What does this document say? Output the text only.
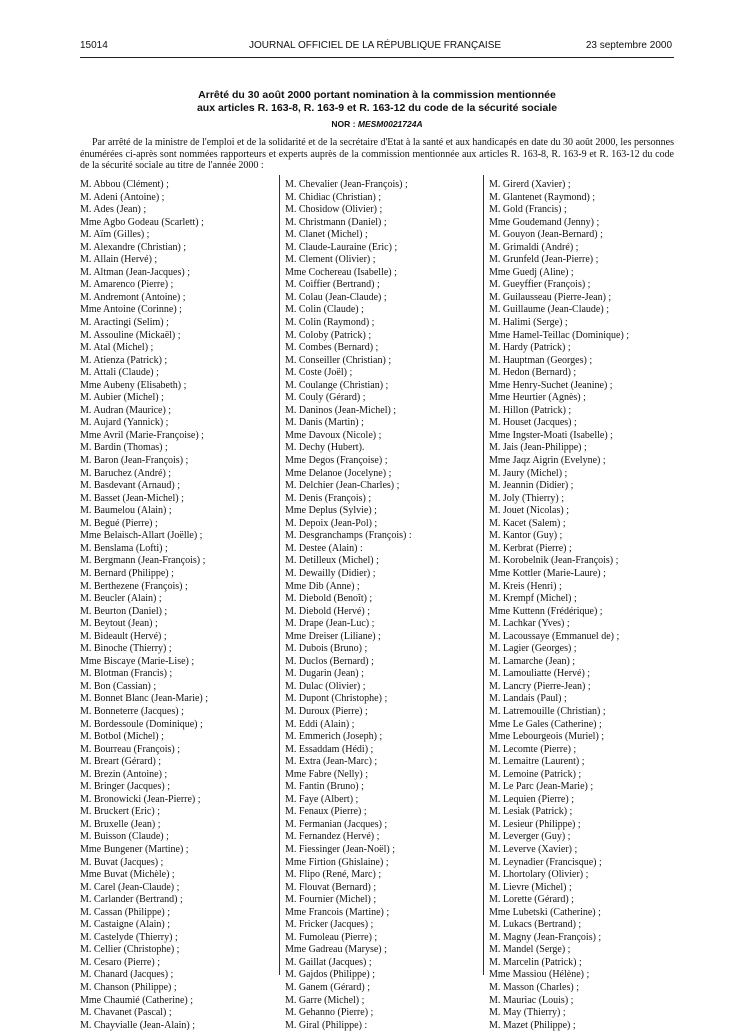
15014	JOURNAL OFFICIEL DE LA RÉPUBLIQUE FRANÇAISE	23 septembre 2000
Arrêté du 30 août 2000 portant nomination à la commission mentionnée
aux articles R. 163-8, R. 163-9 et R. 163-12 du code de la sécurité sociale
NOR : MESM0021724A
Par arrêté de la ministre de l'emploi et de la solidarité et de la secrétaire d'Etat à la santé et aux handicapés en date du 30 août 2000, les personnes énumérées ci-après sont nommées rapporteurs et experts auprès de la commission mentionnée aux articles R. 163-8, R. 163-9 et R. 163-12 du code de la sécurité sociale au titre de l'année 2000 :
M. Abbou (Clément) ;
M. Adeni (Antoine) ;
M. Ades (Jean) ;
Mme Agbo Godeau (Scarlett) ;
M. Aïm (Gilles) ;
M. Alexandre (Christian) ;
M. Allain (Hervé) ;
M. Altman (Jean-Jacques) ;
M. Amarenco (Pierre) ;
M. Andremont (Antoine) ;
Mme Antoine (Corinne) ;
M. Aractingi (Selim) ;
M. Assouline (Mickaël) ;
M. Atal (Michel) ;
M. Atienza (Patrick) ;
M. Attali (Claude) ;
Mme Aubeny (Elisabeth) ;
M. Aubier (Michel) ;
M. Audran (Maurice) ;
M. Aujard (Yannick) ;
Mme Avril (Marie-Françoise) ;
M. Bardin (Thomas) ;
M. Baron (Jean-François) ;
M. Baruchez (André) ;
M. Basdevant (Arnaud) ;
M. Basset (Jean-Michel) ;
M. Baumelou (Alain) ;
M. Begué (Pierre) ;
Mme Belaisch-Allart (Joëlle) ;
M. Benslama (Lofti) ;
M. Bergmann (Jean-François) ;
M. Bernard (Philippe) ;
M. Berthezene (François) ;
M. Beucler (Alain) ;
M. Beurton (Daniel) ;
M. Beytout (Jean) ;
M. Bideault (Hervé) ;
M. Binoche (Thierry) ;
Mme Biscaye (Marie-Lise) ;
M. Blotman (Francis) ;
M. Bon (Cassian) ;
M. Bonnet Blanc (Jean-Marie) ;
M. Bonneterre (Jacques) ;
M. Bordessoule (Dominique) ;
M. Botbol (Michel) ;
M. Bourreau (François) ;
M. Breart (Gérard) ;
M. Brezin (Antoine) ;
M. Bringer (Jacques) ;
M. Bronowicki (Jean-Pierre) ;
M. Bruckert (Eric) ;
M. Bruxelle (Jean) ;
M. Buisson (Claude) ;
Mme Bungener (Martine) ;
M. Buvat (Jacques) ;
Mme Buvat (Michèle) ;
M. Carel (Jean-Claude) ;
M. Carlander (Bertrand) ;
M. Cassan (Philippe) ;
M. Castaigne (Alain) ;
M. Castelyde (Thierry) ;
M. Cellier (Christophe) ;
M. Cesaro (Pierre) ;
M. Chanard (Jacques) ;
M. Chanson (Philippe) ;
Mme Chaumié (Catherine) ;
M. Chavanet (Pascal) ;
M. Chayvialle (Jean-Alain) ;
M. Chevalier (Jean-François) ;
M. Chidiac (Christian) ;
M. Chosidow (Olivier) ;
M. Christmann (Daniel) ;
M. Clanet (Michel) ;
M. Claude-Lauraine (Eric) ;
M. Clement (Olivier) ;
Mme Cochereau (Isabelle) ;
M. Coiffier (Bertrand) ;
M. Colau (Jean-Claude) ;
M. Colin (Claude) ;
M. Colin (Raymond) ;
M. Coloby (Patrick) ;
M. Combes (Bernard) ;
M. Conseiller (Christian) ;
M. Coste (Joël) ;
M. Coulange (Christian) ;
M. Couly (Gérard) ;
M. Daninos (Jean-Michel) ;
M. Danis (Martin) ;
Mme Davoux (Nicole) ;
M. Dechy (Hubert).
Mme Degos (Françoise) ;
Mme Delanoe (Jocelyne) ;
M. Delchier (Jean-Charles) ;
M. Denis (François) ;
Mme Deplus (Sylvie) ;
M. Depoix (Jean-Pol) ;
M. Desgranchamps (François) :
M. Destee (Alain) :
M. Detilleux (Michel) ;
M. Dewailly (Didier) ;
Mme Dib (Anne) ;
M. Diebold (Benoît) ;
M. Diebold (Hervé) ;
M. Drape (Jean-Luc) ;
Mme Dreiser (Liliane) ;
M. Dubois (Bruno) ;
M. Duclos (Bernard) ;
M. Dugarin (Jean) ;
M. Dulac (Olivier) ;
M. Dupont (Christophe) ;
M. Duroux (Pierre) ;
M. Eddi (Alain) ;
M. Emmerich (Joseph) ;
M. Essaddam (Hédi) ;
M. Extra (Jean-Marc) ;
Mme Fabre (Nelly) ;
M. Fantin (Bruno) ;
M. Faye (Albert) ;
M. Fenaux (Pierre) ;
M. Fermanian (Jacques) ;
M. Fernandez (Hervé) ;
M. Fiessinger (Jean-Noël) ;
Mme Firtion (Ghislaine) ;
M. Flipo (René, Marc) ;
M. Flouvat (Bernard) ;
M. Fournier (Michel) ;
Mme Francois (Martine) ;
M. Fricker (Jacques) ;
M. Fumoleau (Pierre) ;
Mme Gadreau (Maryse) ;
M. Gaillat (Jacques) ;
M. Gajdos (Philippe) ;
M. Ganem (Gérard) ;
M. Garre (Michel) ;
M. Gehanno (Pierre) ;
M. Giral (Philippe) :
M. Girerd (Xavier) ;
M. Glantenet (Raymond) ;
M. Gold (Francis) ;
Mme Goudemand (Jenny) ;
M. Gouyon (Jean-Bernard) ;
M. Grimaldi (André) ;
M. Grunfeld (Jean-Pierre) ;
Mme Guedj (Aline) ;
M. Gueyffier (François) ;
M. Guilausseau (Pierre-Jean) ;
M. Guillaume (Jean-Claude) ;
M. Halimi (Serge) ;
Mme Hamel-Teillac (Dominique) ;
M. Hardy (Patrick) ;
M. Hauptman (Georges) ;
M. Hedon (Bernard) ;
Mme Henry-Suchet (Jeanine) ;
Mme Heurtier (Agnès) ;
M. Hillon (Patrick) ;
M. Houset (Jacques) ;
Mme Ingster-Moati (Isabelle) ;
M. Jais (Jean-Philippe) ;
Mme Jaqz Aigrin (Evelyne) ;
M. Jaury (Michel) ;
M. Jeannin (Didier) ;
M. Joly (Thierry) ;
M. Jouet (Nicolas) ;
M. Kacet (Salem) ;
M. Kantor (Guy) ;
M. Kerbrat (Pierre) ;
M. Korobelnik (Jean-François) ;
Mme Kottler (Marie-Laure) ;
M. Kreis (Henri) ;
M. Krempf (Michel) ;
Mme Kuttenn (Frédérique) ;
M. Lachkar (Yves) ;
M. Lacoussaye (Emmanuel de) ;
M. Lagier (Georges) ;
M. Lamarche (Jean) ;
M. Lamouliatte (Hervé) ;
M. Lancry (Pierre-Jean) ;
M. Landais (Paul) ;
M. Latremouille (Christian) ;
Mme Le Gales (Catherine) ;
Mme Lebourgeois (Muriel) ;
M. Lecomte (Pierre) ;
M. Lemaitre (Laurent) ;
M. Lemoine (Patrick) ;
M. Le Parc (Jean-Marie) ;
M. Lequien (Pierre) ;
M. Lesiak (Patrick) ;
M. Lesieur (Philippe) ;
M. Leverger (Guy) ;
M. Leverve (Xavier) ;
M. Leynadier (Francisque) ;
M. Lhortolary (Olivier) ;
M. Lievre (Michel) ;
M. Lorette (Gérard) ;
Mme Lubetski (Catherine) ;
M. Lukacs (Bertrand) ;
M. Magny (Jean-François) ;
M. Mandel (Serge) ;
M. Marcelin (Patrick) ;
Mme Massiou (Hélène) ;
M. Masson (Charles) ;
M. Mauriac (Louis) ;
M. May (Thierry) ;
M. Mazet (Philippe) ;
